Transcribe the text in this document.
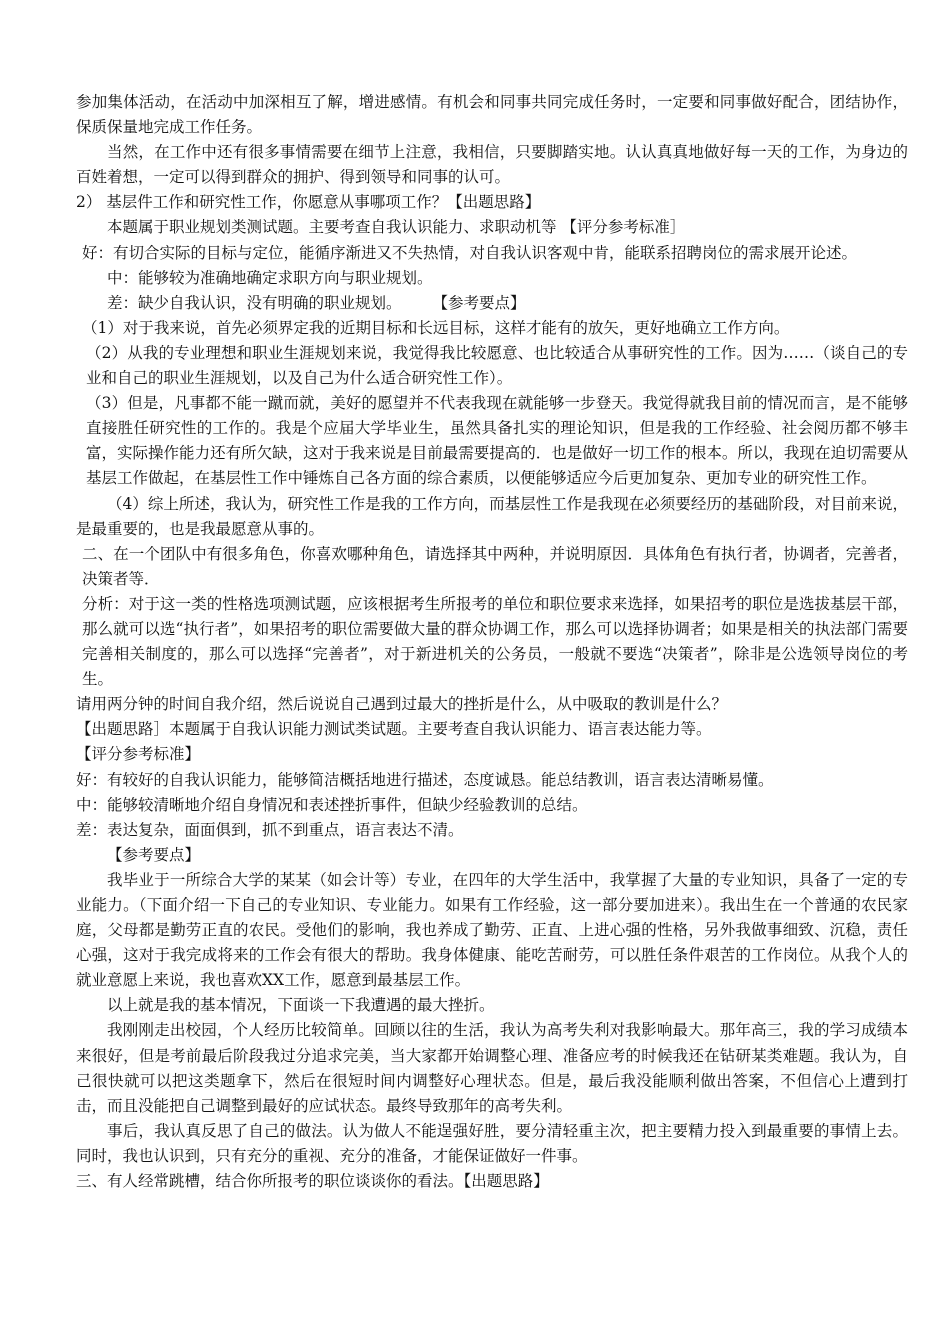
参加集体活动，在活动中加深相互了解，增进感情。有机会和同事共同完成任务时，一定要和同事做好配合，团结协作，保质保量地完成工作任务。

当然，在工作中还有很多事情需要在细节上注意，我相信，只要脚踏实地。认认真真地做好每一天的工作，为身边的百姓着想，一定可以得到群众的拥护、得到领导和同事的认可。

2） 基层件工作和研究性工作，你愿意从事哪项工作？【出题思路】

本题属于职业规划类测试题。主要考查自我认识能力、求职动机等 【评分参考标准］

好：有切合实际的目标与定位，能循序渐进又不失热情，对自我认识客观中肯，能联系招聘岗位的需求展开论述。

中：能够较为准确地确定求职方向与职业规划。

差：缺少自我认识，没有明确的职业规划。　　　【参考要点】

（1）对于我来说，首先必须界定我的近期目标和长远目标，这样才能有的放矢，更好地确立工作方向。

（2）从我的专业理想和职业生涯规划来说，我觉得我比较愿意、也比较适合从事研究性的工作。因为……（谈自己的专业和自己的职业生涯规划，以及自己为什么适合研究性工作）。

（3）但是，凡事都不能一蹴而就，美好的愿望并不代表我现在就能够一步登天。我觉得就我目前的情况而言，是不能够直接胜任研究性的工作的。我是个应届大学毕业生，虽然具备扎实的理论知识，但是我的工作经验、社会阅历都不够丰富，实际操作能力还有所欠缺，这对于我来说是目前最需要提高的．也是做好一切工作的根本。所以，我现在迫切需要从基层工作做起，在基层性工作中锤炼自己各方面的综合素质，以便能够适应今后更加复杂、更加专业的研究性工作。

（4）综上所述，我认为，研究性工作是我的工作方向，而基层性工作是我现在必须要经历的基础阶段，对目前来说，是最重要的，也是我最愿意从事的。

二、在一个团队中有很多角色，你喜欢哪种角色，请选择其中两种，并说明原因．具体角色有执行者，协调者，完善者，决策者等．

分析：对于这一类的性格选项测试题，应该根据考生所报考的单位和职位要求来选择，如果招考的职位是选拔基层干部，那么就可以选“执行者”，如果招考的职位需要做大量的群众协调工作，那么可以选择协调者；如果是相关的执法部门需要完善相关制度的，那么可以选择“完善者”，对于新进机关的公务员，一般就不要选“决策者”，除非是公选领导岗位的考生。

请用两分钟的时间自我介绍，然后说说自己遇到过最大的挫折是什么，从中吸取的教训是什么？

【出题思路］本题属于自我认识能力测试类试题。主要考查自我认识能力、语言表达能力等。

【评分参考标准】

好：有较好的自我认识能力，能够简洁概括地进行描述，态度诚恳。能总结教训，语言表达清晰易懂。

中：能够较清晰地介绍自身情况和表述挫折事件，但缺少经验教训的总结。

差：表达复杂，面面俱到，抓不到重点，语言表达不清。

【参考要点】

我毕业于一所综合大学的某某（如会计等）专业，在四年的大学生活中，我掌握了大量的专业知识，具备了一定的专业能力。（下面介绍一下自己的专业知识、专业能力。如果有工作经验，这一部分要加进来）。我出生在一个普通的农民家庭，父母都是勤劳正直的农民。受他们的影响，我也养成了勤劳、正直、上进心强的性格，另外我做事细致、沉稳，责任心强，这对于我完成将来的工作会有很大的帮助。我身体健康、能吃苦耐劳，可以胜任条件艰苦的工作岗位。从我个人的就业意愿上来说，我也喜欢XX工作，愿意到最基层工作。

以上就是我的基本情况，下面谈一下我遭遇的最大挫折。

我刚刚走出校园，个人经历比较简单。回顾以往的生活，我认为高考失利对我影响最大。那年高三，我的学习成绩本来很好，但是考前最后阶段我过分追求完美，当大家都开始调整心理、准备应考的时候我还在钻研某类难题。我认为，自己很快就可以把这类题拿下，然后在很短时间内调整好心理状态。但是，最后我没能顺利做出答案，不但信心上遭到打击，而且没能把自己调整到最好的应试状态。最终导致那年的高考失利。

事后，我认真反思了自己的做法。认为做人不能逞强好胜，要分清轻重主次，把主要精力投入到最重要的事情上去。同时，我也认识到，只有充分的重视、充分的准备，才能保证做好一件事。

三、有人经常跳槽，结合你所报考的职位谈谈你的看法。【出题思路】
